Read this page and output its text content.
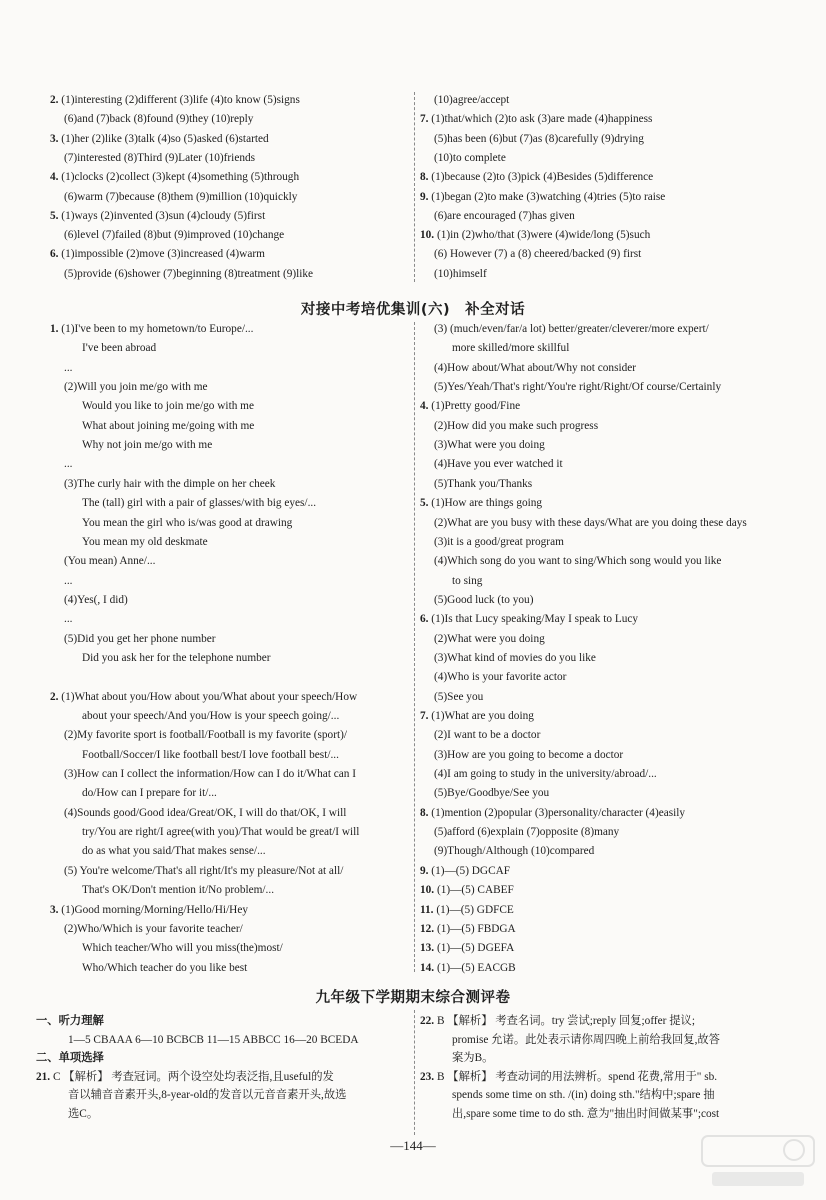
2. (1)interesting (2)different (3)life (4)to know (5)signs
(6)and (7)back (8)found (9)they (10)reply
3. (1)her (2)like (3)talk (4)so (5)asked (6)started
(7)interested (8)Third (9)Later (10)friends
4. (1)clocks (2)collect (3)kept (4)something (5)through
(6)warm (7)because (8)them (9)million (10)quickly
5. (1)ways (2)invented (3)sun (4)cloudy (5)first
(6)level (7)failed (8)but (9)improved (10)change
6. (1)impossible (2)move (3)increased (4)warm
(5)provide (6)shower (7)beginning (8)treatment (9)like
(10)agree/accept
7. (1)that/which (2)to ask (3)are made (4)happiness
(5)has been (6)but (7)as (8)carefully (9)drying
(10)to complete
8. (1)because (2)to (3)pick (4)Besides (5)difference
9. (1)began (2)to make (3)watching (4)tries (5)to raise
(6)are encouraged (7)has given
10. (1)in (2)who/that (3)were (4)wide/long (5)such
(6) However (7) a (8) cheered/backed (9) first
(10)himself
对接中考培优集训(六)　补全对话
1. (1)I've been to my hometown/to Europe/...
I've been abroad
...
(2)Will you join me/go with me
Would you like to join me/go with me
What about joining me/going with me
Why not join me/go with me
...
(3)The curly hair with the dimple on her cheek
The (tall) girl with a pair of glasses/with big eyes/...
You mean the girl who is/was good at drawing
You mean my old deskmate
(You mean) Anne/...
...
(4)Yes(, I did)
...
(5)Did you get her phone number
Did you ask her for the telephone number
2. (1)What about you/How about you/What about your speech/How
about your speech/And you/How is your speech going/...
(2)My favorite sport is football/Football is my favorite (sport)/
Football/Soccer/I like football best/I love football best/...
(3)How can I collect the information/How can I do it/What can I
do/How can I prepare for it/...
(4)Sounds good/Good idea/Great/OK, I will do that/OK, I will
try/You are right/I agree(with you)/That would be great/I will
do as what you said/That makes sense/...
(5) You're welcome/That's all right/It's my pleasure/Not at all/
That's OK/Don't mention it/No problem/...
3. (1)Good morning/Morning/Hello/Hi/Hey
(2)Who/Which is your favorite teacher/
Which teacher/Who will you miss(the)most/
Who/Which teacher do you like best
(3) (much/even/far/a lot) better/greater/cleverer/more expert/
more skilled/more skillful
(4)How about/What about/Why not consider
(5)Yes/Yeah/That's right/You're right/Right/Of course/Certainly
4. (1)Pretty good/Fine
(2)How did you make such progress
(3)What were you doing
(4)Have you ever watched it
(5)Thank you/Thanks
5. (1)How are things going
(2)What are you busy with these days/What are you doing these days
(3)it is a good/great program
(4)Which song do you want to sing/Which song would you like
to sing
(5)Good luck (to you)
6. (1)Is that Lucy speaking/May I speak to Lucy
(2)What were you doing
(3)What kind of movies do you like
(4)Who is your favorite actor
(5)See you
7. (1)What are you doing
(2)I want to be a doctor
(3)How are you going to become a doctor
(4)I am going to study in the university/abroad/...
(5)Bye/Goodbye/See you
8. (1)mention (2)popular (3)personality/character (4)easily
(5)afford (6)explain (7)opposite (8)many
(9)Though/Although (10)compared
9. (1)—(5) DGCAF
10. (1)—(5) CABEF
11. (1)—(5) GDFCE
12. (1)—(5) FBDGA
13. (1)—(5) DGEFA
14. (1)—(5) EACGB
九年级下学期期末综合测评卷
一、听力理解
1—5 CBAAA 6—10 BCBCB 11—15 ABBCC 16—20 BCEDA
二、单项选择
21. C 【解析】 考查冠词。两个设空处均表泛指,且useful的发
音以辅音音素开头,8-year-old的发音以元音音素开头,故选
选C。
22. B 【解析】 考查名词。try 尝试;reply 回复;offer 提议;
promise 允诺。此处表示请你周四晚上前给我回复,故答
案为B。
23. B 【解析】 考查动词的用法辨析。spend 花费,常用于" sb.
spends some time on sth. /(in) doing sth."结构中;spare 抽
出,spare some time to do sth. 意为"抽出时间做某事";cost
—144—
